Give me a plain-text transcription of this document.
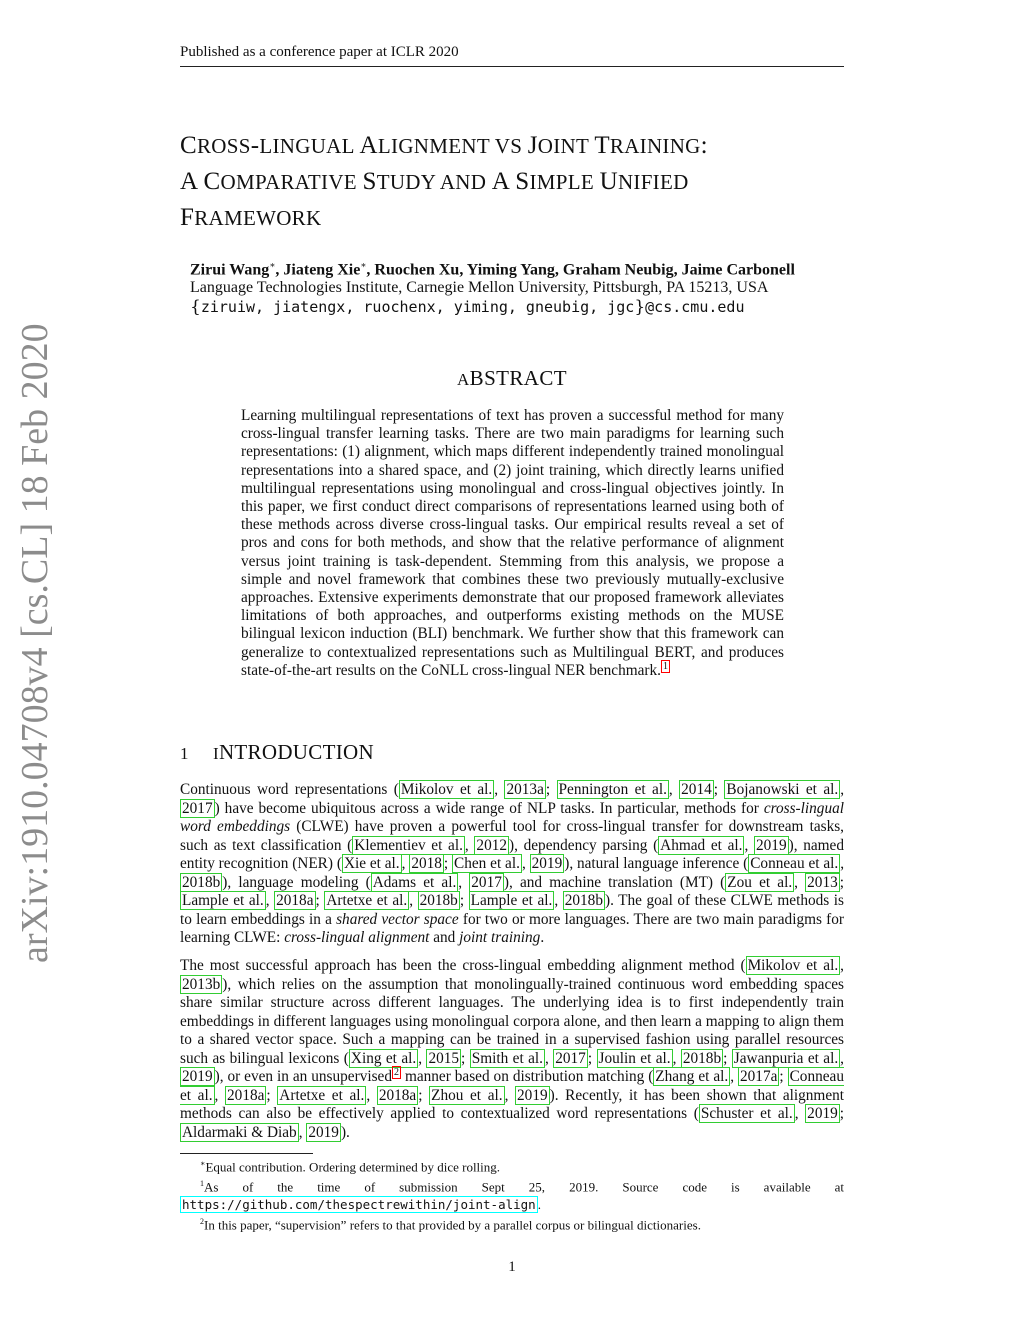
Published as a conference paper at ICLR 2020
arXiv:1910.04708v4 [cs.CL] 18 Feb 2020
CROSS-LINGUAL ALIGNMENT VS JOINT TRAINING:
A COMPARATIVE STUDY AND A SIMPLE UNIFIED
FRAMEWORK
Zirui Wang∗, Jiateng Xie∗, Ruochen Xu, Yiming Yang, Graham Neubig, Jaime Carbonell
Language Technologies Institute, Carnegie Mellon University, Pittsburgh, PA 15213, USA
{ziruiw, jiatengx, ruochenx, yiming, gneubig, jgc}@cs.cmu.edu
ABSTRACT
Learning multilingual representations of text has proven a successful method for many cross-lingual transfer learning tasks. There are two main paradigms for learning such representations: (1) alignment, which maps different independently trained monolingual representations into a shared space, and (2) joint training, which directly learns unified multilingual representations using monolingual and cross-lingual objectives jointly. In this paper, we first conduct direct comparisons of representations learned using both of these methods across diverse cross-lingual tasks. Our empirical results reveal a set of pros and cons for both methods, and show that the relative performance of alignment versus joint training is task-dependent. Stemming from this analysis, we propose a simple and novel framework that combines these two previously mutually-exclusive approaches. Extensive experiments demonstrate that our proposed framework alleviates limitations of both approaches, and outperforms existing methods on the MUSE bilingual lexicon induction (BLI) benchmark. We further show that this framework can generalize to contextualized representations such as Multilingual BERT, and produces state-of-the-art results on the CoNLL cross-lingual NER benchmark. $^1$
1 INTRODUCTION
Continuous word representations ( Mikolov et al. , 2013a ; Pennington et al. , 2014 ; Bojanowski et al. , 2017 ) have become ubiquitous across a wide range of NLP tasks. In particular, methods for cross-lingual word embeddings (CLWE) have proven a powerful tool for cross-lingual transfer for downstream tasks, such as text classification ( Klementiev et al. , 2012 ), dependency parsing ( Ahmad et al. , 2019 ), named entity recognition (NER) ( Xie et al. , 2018 ; Chen et al. , 2019 ), natural language inference ( Conneau et al. , 2018b ), language modeling ( Adams et al. , 2017 ), and machine translation (MT) ( Zou et al. , 2013 ; Lample et al. , 2018a ; Artetxe et al. , 2018b ; Lample et al. , 2018b ). The goal of these CLWE methods is to learn embeddings in a shared vector space for two or more languages. There are two main paradigms for learning CLWE: cross-lingual alignment and joint training.
The most successful approach has been the cross-lingual embedding alignment method ( Mikolov et al. , 2013b ), which relies on the assumption that monolingually-trained continuous word embedding spaces share similar structure across different languages. The underlying idea is to first independently train embeddings in different languages using monolingual corpora alone, and then learn a mapping to align them to a shared vector space. Such a mapping can be trained in a supervised fashion using parallel resources such as bilingual lexicons ( Xing et al. , 2015 ; Smith et al. , 2017 ; Joulin et al. , 2018b ; Jawanpuria et al. , 2019 ), or even in an unsupervised $^2$ manner based on distribution matching ( Zhang et al. , 2017a ; Conneau et al. , 2018a ; Artetxe et al. , 2018a ; Zhou et al. , 2019 ). Recently, it has been shown that alignment methods can also be effectively applied to contextualized word representations ( Schuster et al. , 2019 ; Aldarmaki & Diab , 2019 ).
∗Equal contribution. Ordering determined by dice rolling.
$^1$As of the time of submission Sept 25, 2019. Source code is available at https://github.com/thespectrewithin/joint-align .
$^2$In this paper, “supervision” refers to that provided by a parallel corpus or bilingual dictionaries.
1
